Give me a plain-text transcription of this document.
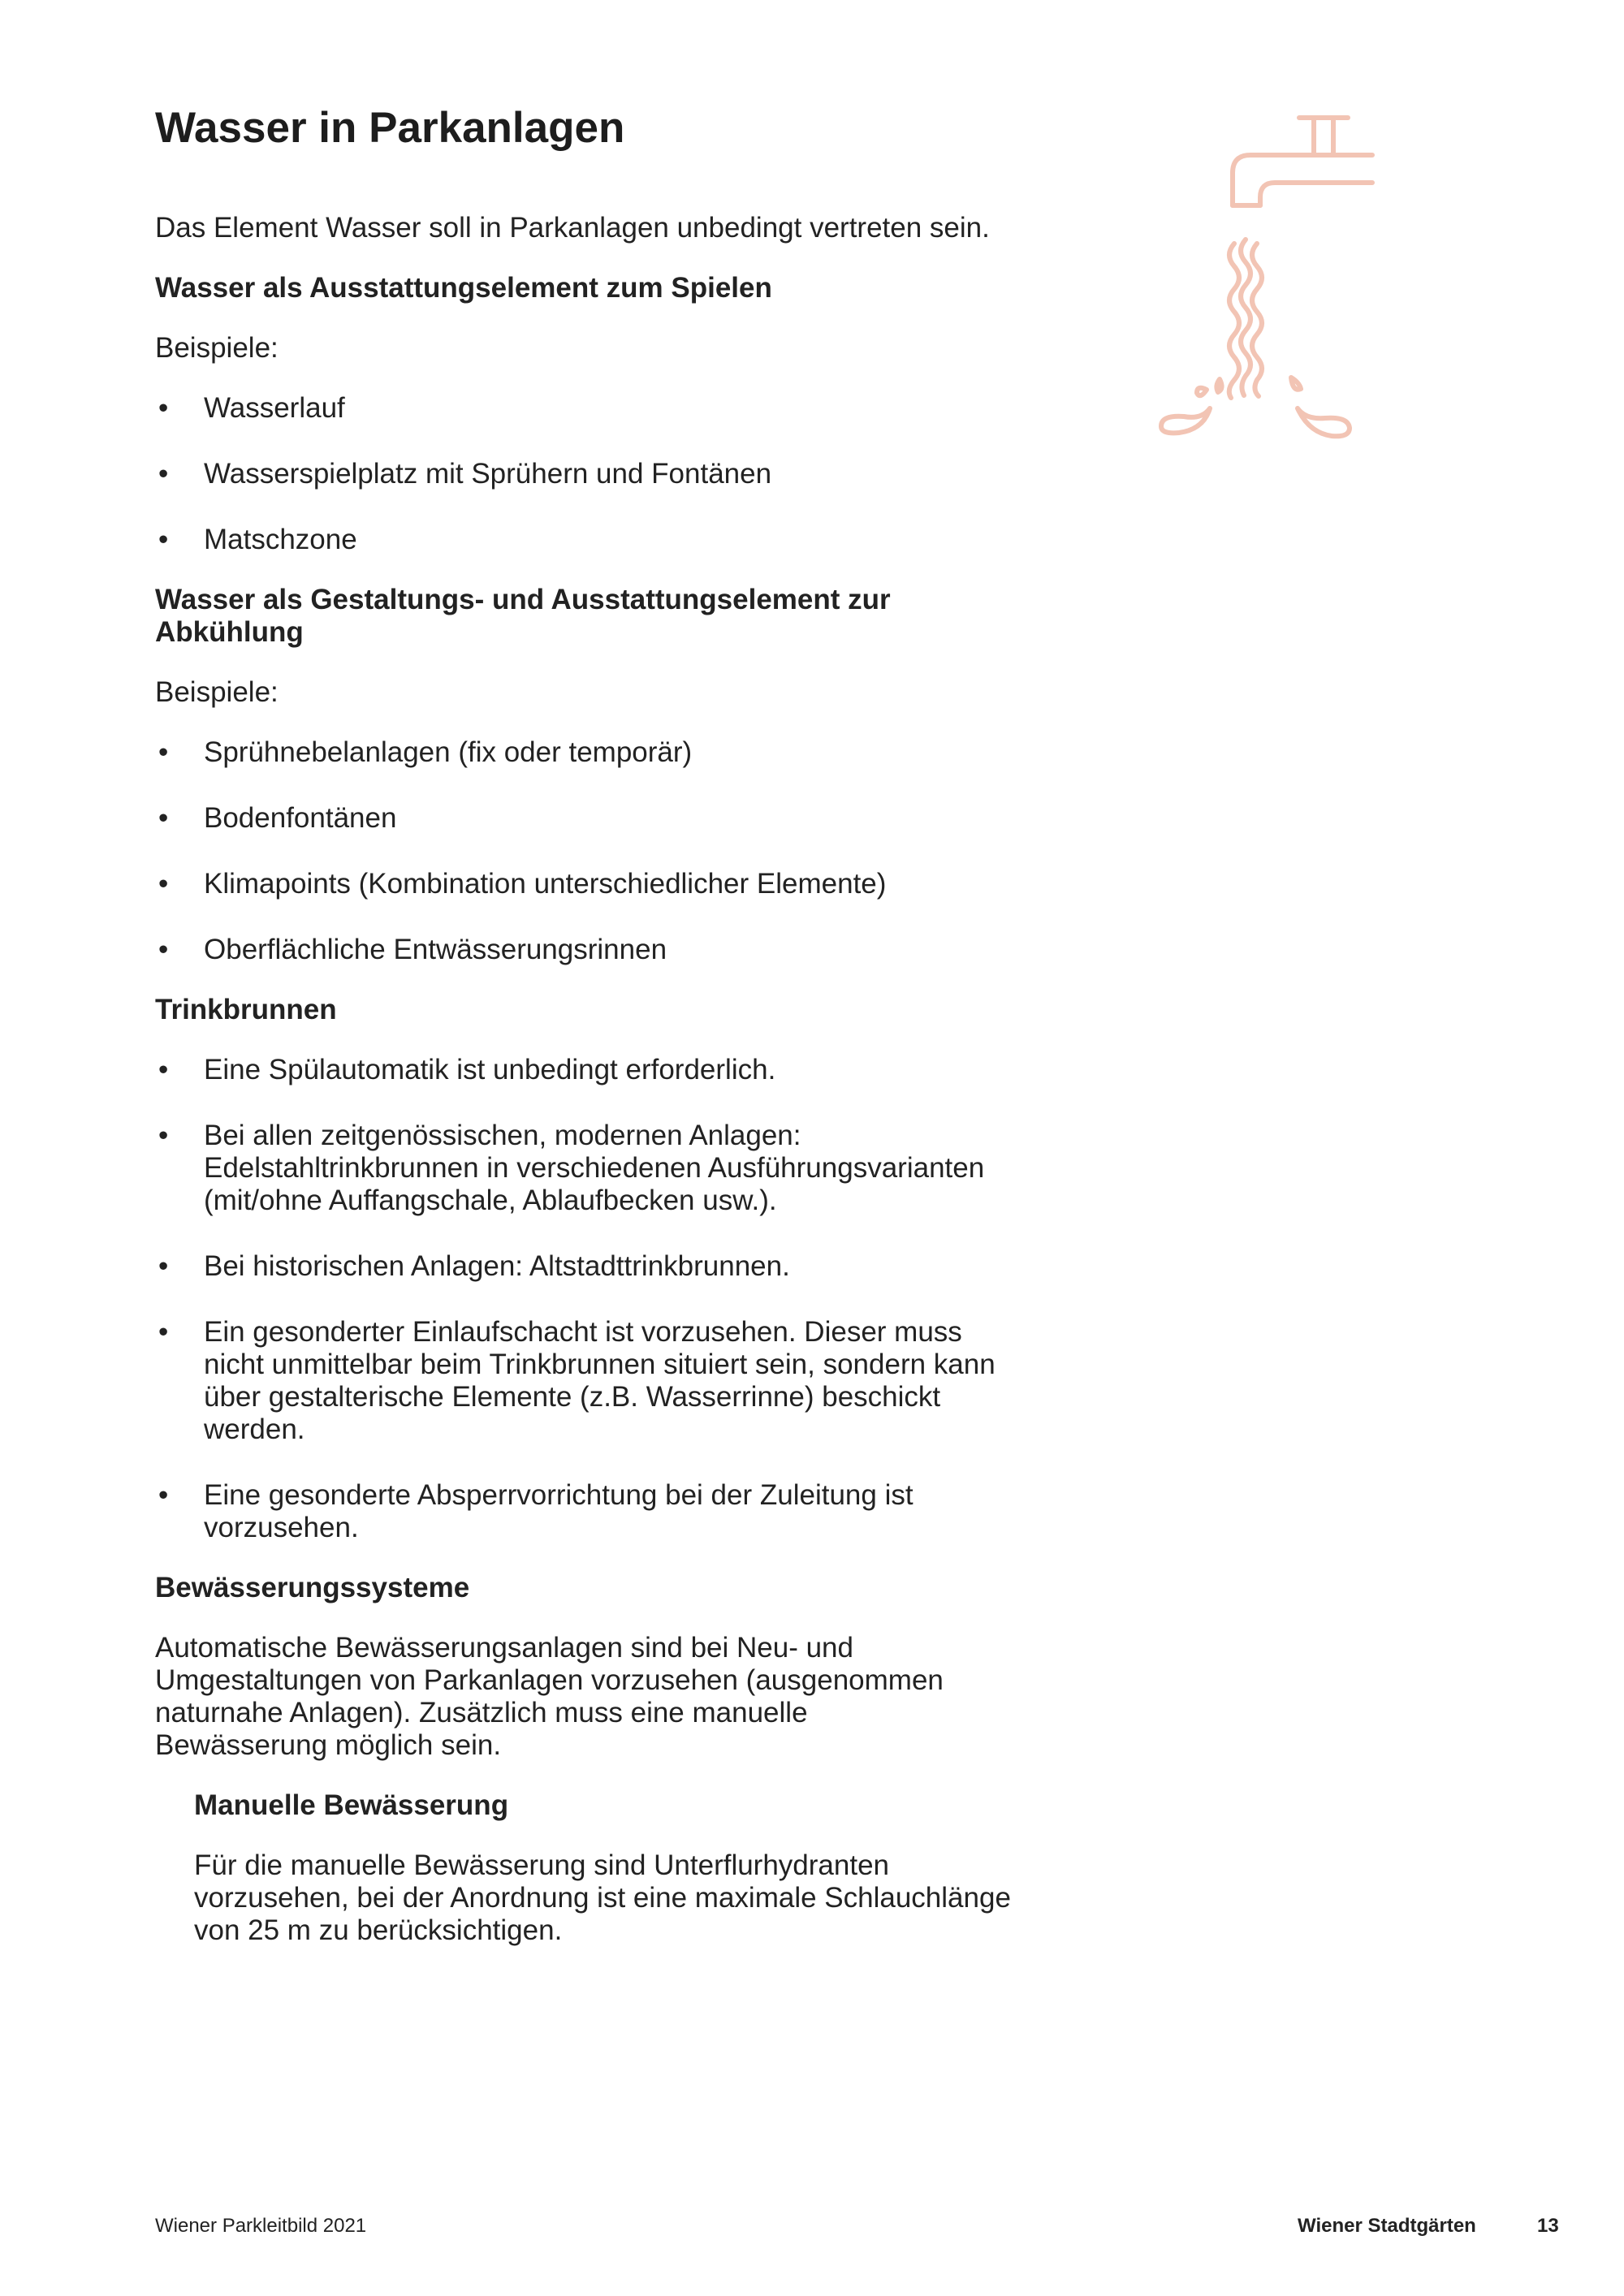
Wasser in Parkanlagen

Das Element Wasser soll in Parkanlagen unbedingt vertreten sein.

Wasser als Ausstattungselement zum Spielen

Beispiele:

• Wasserlauf
• Wasserspielplatz mit Sprühern und Fontänen
• Matschzone
Wasser als Gestaltungs- und Ausstattungselement zur Abkühlung

Beispiele:

• Sprühnebelanlagen (fix oder temporär)
• Bodenfontänen
• Klimapoints (Kombination unterschiedlicher Elemente)
• Oberflächliche Entwässerungsrinnen
Trinkbrunnen
• Eine Spülautomatik ist unbedingt erforderlich.
• Bei allen zeitgenössischen, modernen Anlagen: Edelstahltrinkbrunnen in verschiedenen Ausführungsvarianten (mit/ohne Auffangschale, Ablaufbecken usw.).
• Bei historischen Anlagen: Altstadttrinkbrunnen.
• Ein gesonderter Einlaufschacht ist vorzusehen. Dieser muss nicht unmittelbar beim Trinkbrunnen situiert sein, sondern kann über gestalterische Elemente (z.B. Wasserrinne) beschickt werden.
• Eine gesonderte Absperrvorrichtung bei der Zuleitung ist vorzusehen.
Bewässerungssysteme

Automatische Bewässerungsanlagen sind bei Neu- und Umgestaltungen von Parkanlagen vorzusehen (ausgenommen naturnahe Anlagen). Zusätzlich muss eine manuelle Bewässerung möglich sein.

Manuelle Bewässerung

Für die manuelle Bewässerung sind Unterflurhydranten vorzusehen, bei der Anordnung ist eine maximale Schlauchlänge von 25 m zu berücksichtigen.

Wiener Parkleitbild 2021	Wiener Stadtgärten	13
